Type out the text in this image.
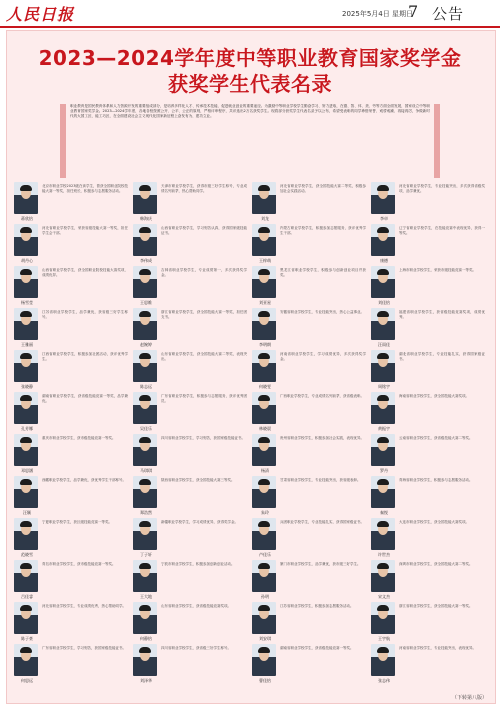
人民日报	2025年5月4日 星期日
7 公告
2023—2024学年度中等职业教育国家奖学金
获奖学生代表名录
职业教育是国民教育体系和人力资源开发的重要组成部分，是培养多样化人才、传承技术技能、促进就业创业的重要途径。为激励中等职业学校学生勤奋学习、努力进取，在德、智、体、美、劳等方面全面发展，国家设立中等职业教育国家奖学金。2023—2024学年度，各地各校按照公开、公平、公正的原则，严格评审程序，共评选出2万名获奖学生。现将部分获奖学生代表名录予以公布，希望受表彰的同学珍惜荣誉、戒骄戒躁、再接再厉，争做新时代的大国工匠、能工巧匠，在全面建设社会主义现代化国家新征程上奋发有为、建功立业。
蒋欣怡
北京市职业学校2023级在读学生，曾获全国职业院校技能大赛一等奖，担任班长，积极参与志愿服务活动。
韩海庆
天津市职业学校学生，获得市级三好学生称号，专业成绩名列前茅，热心帮助同学。
刘龙
河北省职业学校学生，获全国技能大赛二等奖，积极参加社会实践活动。
李卓
河北省职业学校学生，专业技能突出，多次获得省级奖项，品学兼优。
胡丹心
河北省职业学校学生，荣获省级技能大赛一等奖，担任学生会干部。
李伟成
山西省职业学校学生，学习刻苦认真，获得国家级技能证书。
王梓萌
内蒙古职业学校学生，积极参加志愿服务，获评优秀学生干部。
康德
辽宁省职业学校学生，在技能竞赛中表现优异，获得一等奖。
杨雪莹
山西省职业学校学生，获全国职业院校技能大赛奖项，成绩优异。
王思维
吉林省职业学校学生，专业成绩第一，多次获得奖学金。
刘亚星
黑龙江省职业学校学生，积极参与创新创业项目并获奖。
刘佳怡
上海市职业学校学生，荣获市级技能竞赛一等奖。
王雅丽
江苏省职业学校学生，品学兼优，获省级三好学生称号。
赵婉婷
浙江省职业学校学生，获全国技能大赛一等奖，担任团支书。
李明朗
安徽省职业学校学生，专业技能突出，热心公益事业。
汪雨佳
福建省职业学校学生，获省级技能竞赛奖项，成绩优秀。
张晓静
江西省职业学校学生，积极参加社团活动，获评优秀学生。
陈志远
山东省职业学校学生，获全国技能大赛二等奖，表现突出。
何晓雯
河南省职业学校学生，学习成绩优异，多次获得奖学金。
周铭宇
湖北省职业学校学生，专业技能扎实，获得国家级证书。
孔芳娜
湖南省职业学校学生，获省级技能竞赛一等奖，品学兼优。
吴佳乐
广东省职业学校学生，积极参与志愿服务，获评优秀团员。
林晓晨
广西职业学校学生，专业成绩名列前茅，获省级表彰。
黄振宇
海南省职业学校学生，获全国技能大赛奖项。
邓思涵
重庆市职业学校学生，获市级技能竞赛一等奖。
马琪琪
四川省职业学校学生，学习刻苦，获国家级技能证书。
杨清
贵州省职业学校学生，积极参加社会实践，表现优异。
罗丹
云南省职业学校学生，获省级技能大赛二等奖。
汪颖
西藏职业学校学生，品学兼优，获优秀学生干部称号。
郑浩然
陕西省职业学校学生，获全国技能大赛三等奖。
朱玲
甘肃省职业学校学生，专业技能突出，获省级表彰。
秦悦
青海省职业学校学生，积极参与志愿服务活动。
范晓雪
宁夏职业学校学生，获区级技能竞赛一等奖。
丁子轩
新疆职业学校学生，学习成绩优异，获得奖学金。
卢佳乐
兵团职业学校学生，专业技能扎实，获得国家级证书。
许世杰
大连市职业学校学生，获全国技能大赛奖项。
吕佳睿
青岛市职业学校学生，获市级技能竞赛一等奖。
王大地
宁波市职业学校学生，积极参加创新创业活动。
孙明
厦门市职业学校学生，品学兼优，获市级三好学生。
宋文杰
深圳市职业学校学生，获全国技能大赛二等奖。
陈子豪
河北省职业学校学生，专业成绩优秀，热心帮助同学。
何静怡
山东省职业学校学生，获省级技能竞赛奖项。
刘安琪
江苏省职业学校学生，积极参加志愿服务活动。
王宇航
浙江省职业学校学生，获全国技能大赛一等奖。
何思远
广东省职业学校学生，学习刻苦，获国家级技能证书。
刘泽华
四川省职业学校学生，获省级三好学生称号。
曹佳怡
湖南省职业学校学生，获省级技能竞赛一等奖。
张志伟
河南省职业学校学生，专业技能突出，表现优异。
（下转第八版）
